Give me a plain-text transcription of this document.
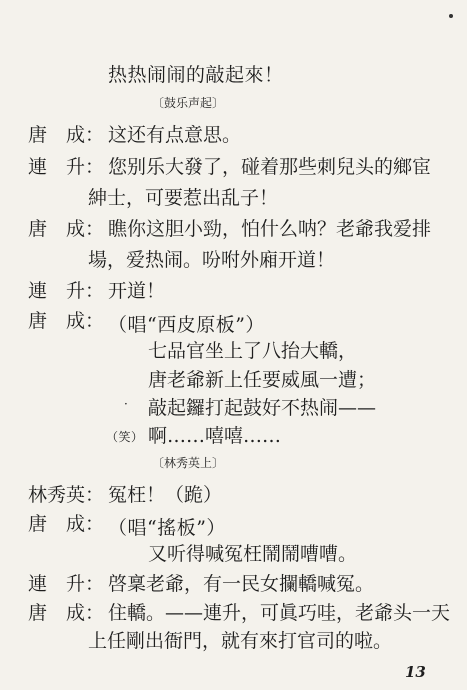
热热闹闹的敲起來！
〔鼓乐声起〕
唐　成： 这还有点意思。
連　升： 您别乐大發了，碰着那些刺兒头的鄉宦
紳士，可要惹出乱子！
唐　成： 瞧你这胆小勁，怕什么呐？老爺我爱排
場，爱热闹。吩咐外廂开道！
連　升： 开道！
唐　成： （唱“西皮原板”）
七品官坐上了八抬大轎，
唐老爺新上任要威風一遭；
· 敲起鑼打起鼓好不热闹——
（笑） 啊……嘻嘻……
〔林秀英上〕
林秀英： 冤枉！（跪）
唐　成： （唱“搖板”）
又听得喊冤枉鬧鬧嘈嘈。
連　升： 啓稟老爺，有一民女攔轎喊冤。
唐　成： 住轎。——連升，可眞巧哇，老爺头一天
上任剛出衙門，就有來打官司的啦。
13
